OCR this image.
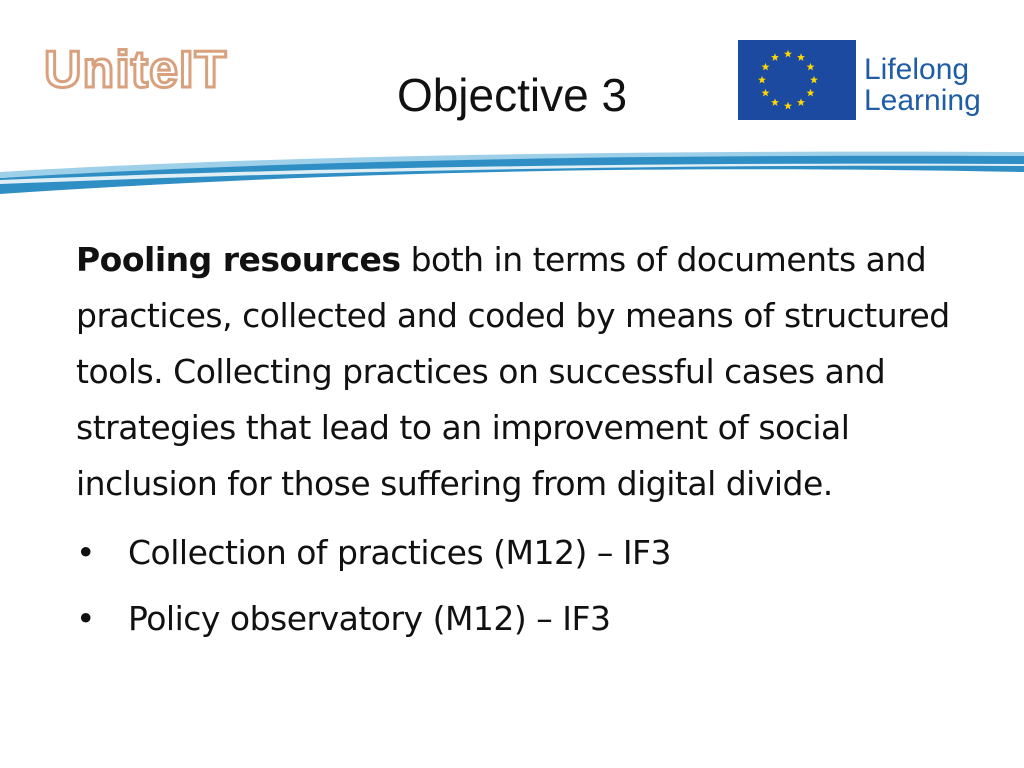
UniteIT	Objective 3	Lifelong
Learning

Pooling resources both in terms of documents and practices, collected and coded by means of structured tools. Collecting practices on successful cases and strategies that lead to an improvement of social inclusion for those suffering from digital divide.

• Collection of practices (M12) – IF3
• Policy observatory (M12) – IF3
